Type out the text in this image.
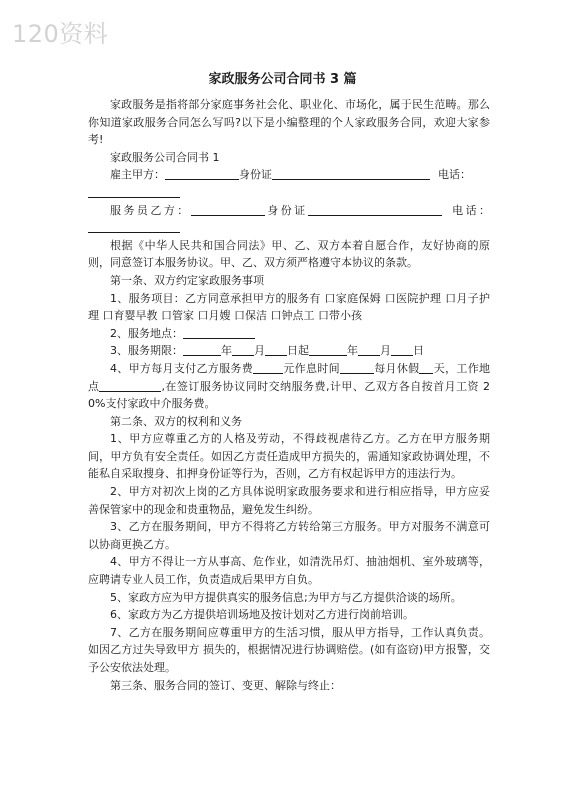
120资料
家政服务公司合同书 3 篇

家政服务是指将部分家庭事务社会化、职业化、市场化，属于民生范畴。那么你知道家政服务合同怎么写吗?以下是小编整理的个人家政服务合同，欢迎大家参考!

家政服务公司合同书 1

雇主甲方：	身份证	电话：

服务员乙方：	身份证	电话：

根据《中华人民共和国合同法》甲、乙、双方本着自愿合作，友好协商的原则，同意签订本服务协议。甲、乙、双方须严格遵守本协议的条款。

第一条、双方约定家政服务事项

1、服务项目：乙方同意承担甲方的服务有 口家庭保姆 口医院护理 口月子护理 口育婴早教 口管家 口月嫂 口保洁 口钟点工 口带小孩

2、服务地点：

3、服务期限：	年 月 日起	年 月 日

4、甲方每月支付乙方服务费	元作息时间	每月休假 天，工作地点	,在签订服务协议同时交纳服务费,计甲、乙双方各自按首月工资 20%支付家政中介服务费。

第二条、双方的权利和义务

1、甲方应尊重乙方的人格及劳动，不得歧视虐待乙方。乙方在甲方服务期间，甲方负有安全责任。如因乙方责任造成甲方损失的，需通知家政协调处理，不能私自采取搜身、扣押身份证等行为，否则，乙方有权起诉甲方的违法行为。

2、甲方对初次上岗的乙方具体说明家政服务要求和进行相应指导，甲方应妥善保管家中的现金和贵重物品，避免发生纠纷。

3、乙方在服务期间，甲方不得将乙方转给第三方服务。甲方对服务不满意可以协商更换乙方。

4、甲方不得让一方从事高、危作业，如清洗吊灯、抽油烟机、室外玻璃等，应聘请专业人员工作，负责造成后果甲方自负。

5、家政方应为甲方提供真实的服务信息;为甲方与乙方提供洽谈的场所。

6、家政方为乙方提供培训场地及按计划对乙方进行岗前培训。

7、乙方在服务期间应尊重甲方的生活习惯，服从甲方指导，工作认真负责。如因乙方过失导致甲方 损失的，根据情况进行协调赔偿。(如有盗窃)甲方报警，交予公安依法处理。

第三条、服务合同的签订、变更、解除与终止：
